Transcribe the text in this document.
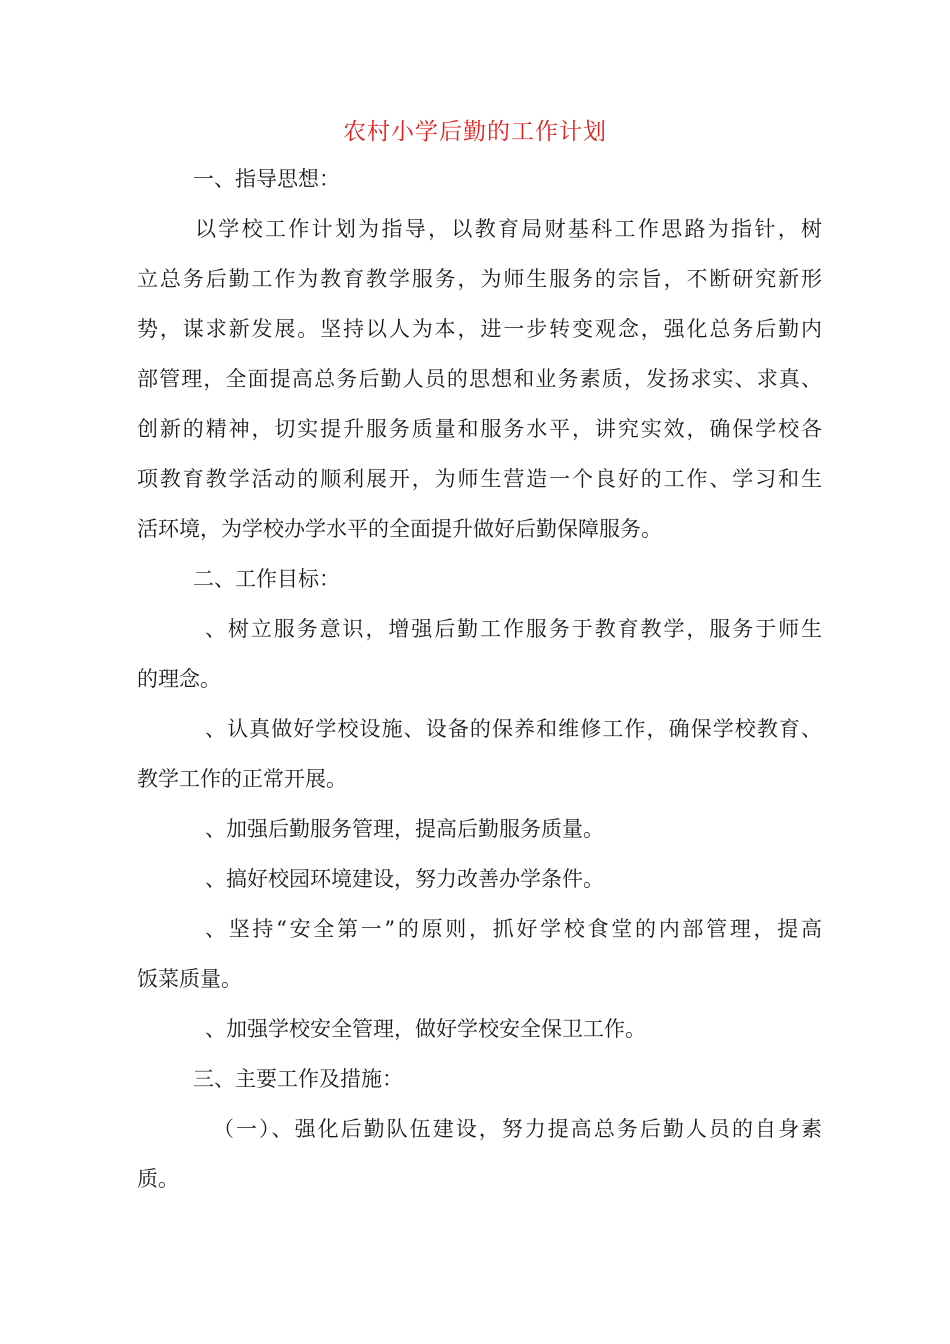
农村小学后勤的工作计划
一、指导思想：
以学校工作计划为指导，以教育局财基科工作思路为指针，树
立总务后勤工作为教育教学服务，为师生服务的宗旨，不断研究新形
势，谋求新发展。坚持以人为本，进一步转变观念，强化总务后勤内
部管理，全面提高总务后勤人员的思想和业务素质，发扬求实、求真、
创新的精神，切实提升服务质量和服务水平，讲究实效，确保学校各
项教育教学活动的顺利展开，为师生营造一个良好的工作、学习和生
活环境，为学校办学水平的全面提升做好后勤保障服务。
二、工作目标：
、树立服务意识，增强后勤工作服务于教育教学，服务于师生
的理念。
、认真做好学校设施、设备的保养和维修工作，确保学校教育、
教学工作的正常开展。
、加强后勤服务管理，提高后勤服务质量。
、搞好校园环境建设，努力改善办学条件。
、坚持“安全第一”的原则，抓好学校食堂的内部管理，提高
饭菜质量。
、加强学校安全管理，做好学校安全保卫工作。
三、主要工作及措施：
（一）、强化后勤队伍建设，努力提高总务后勤人员的自身素
质。
